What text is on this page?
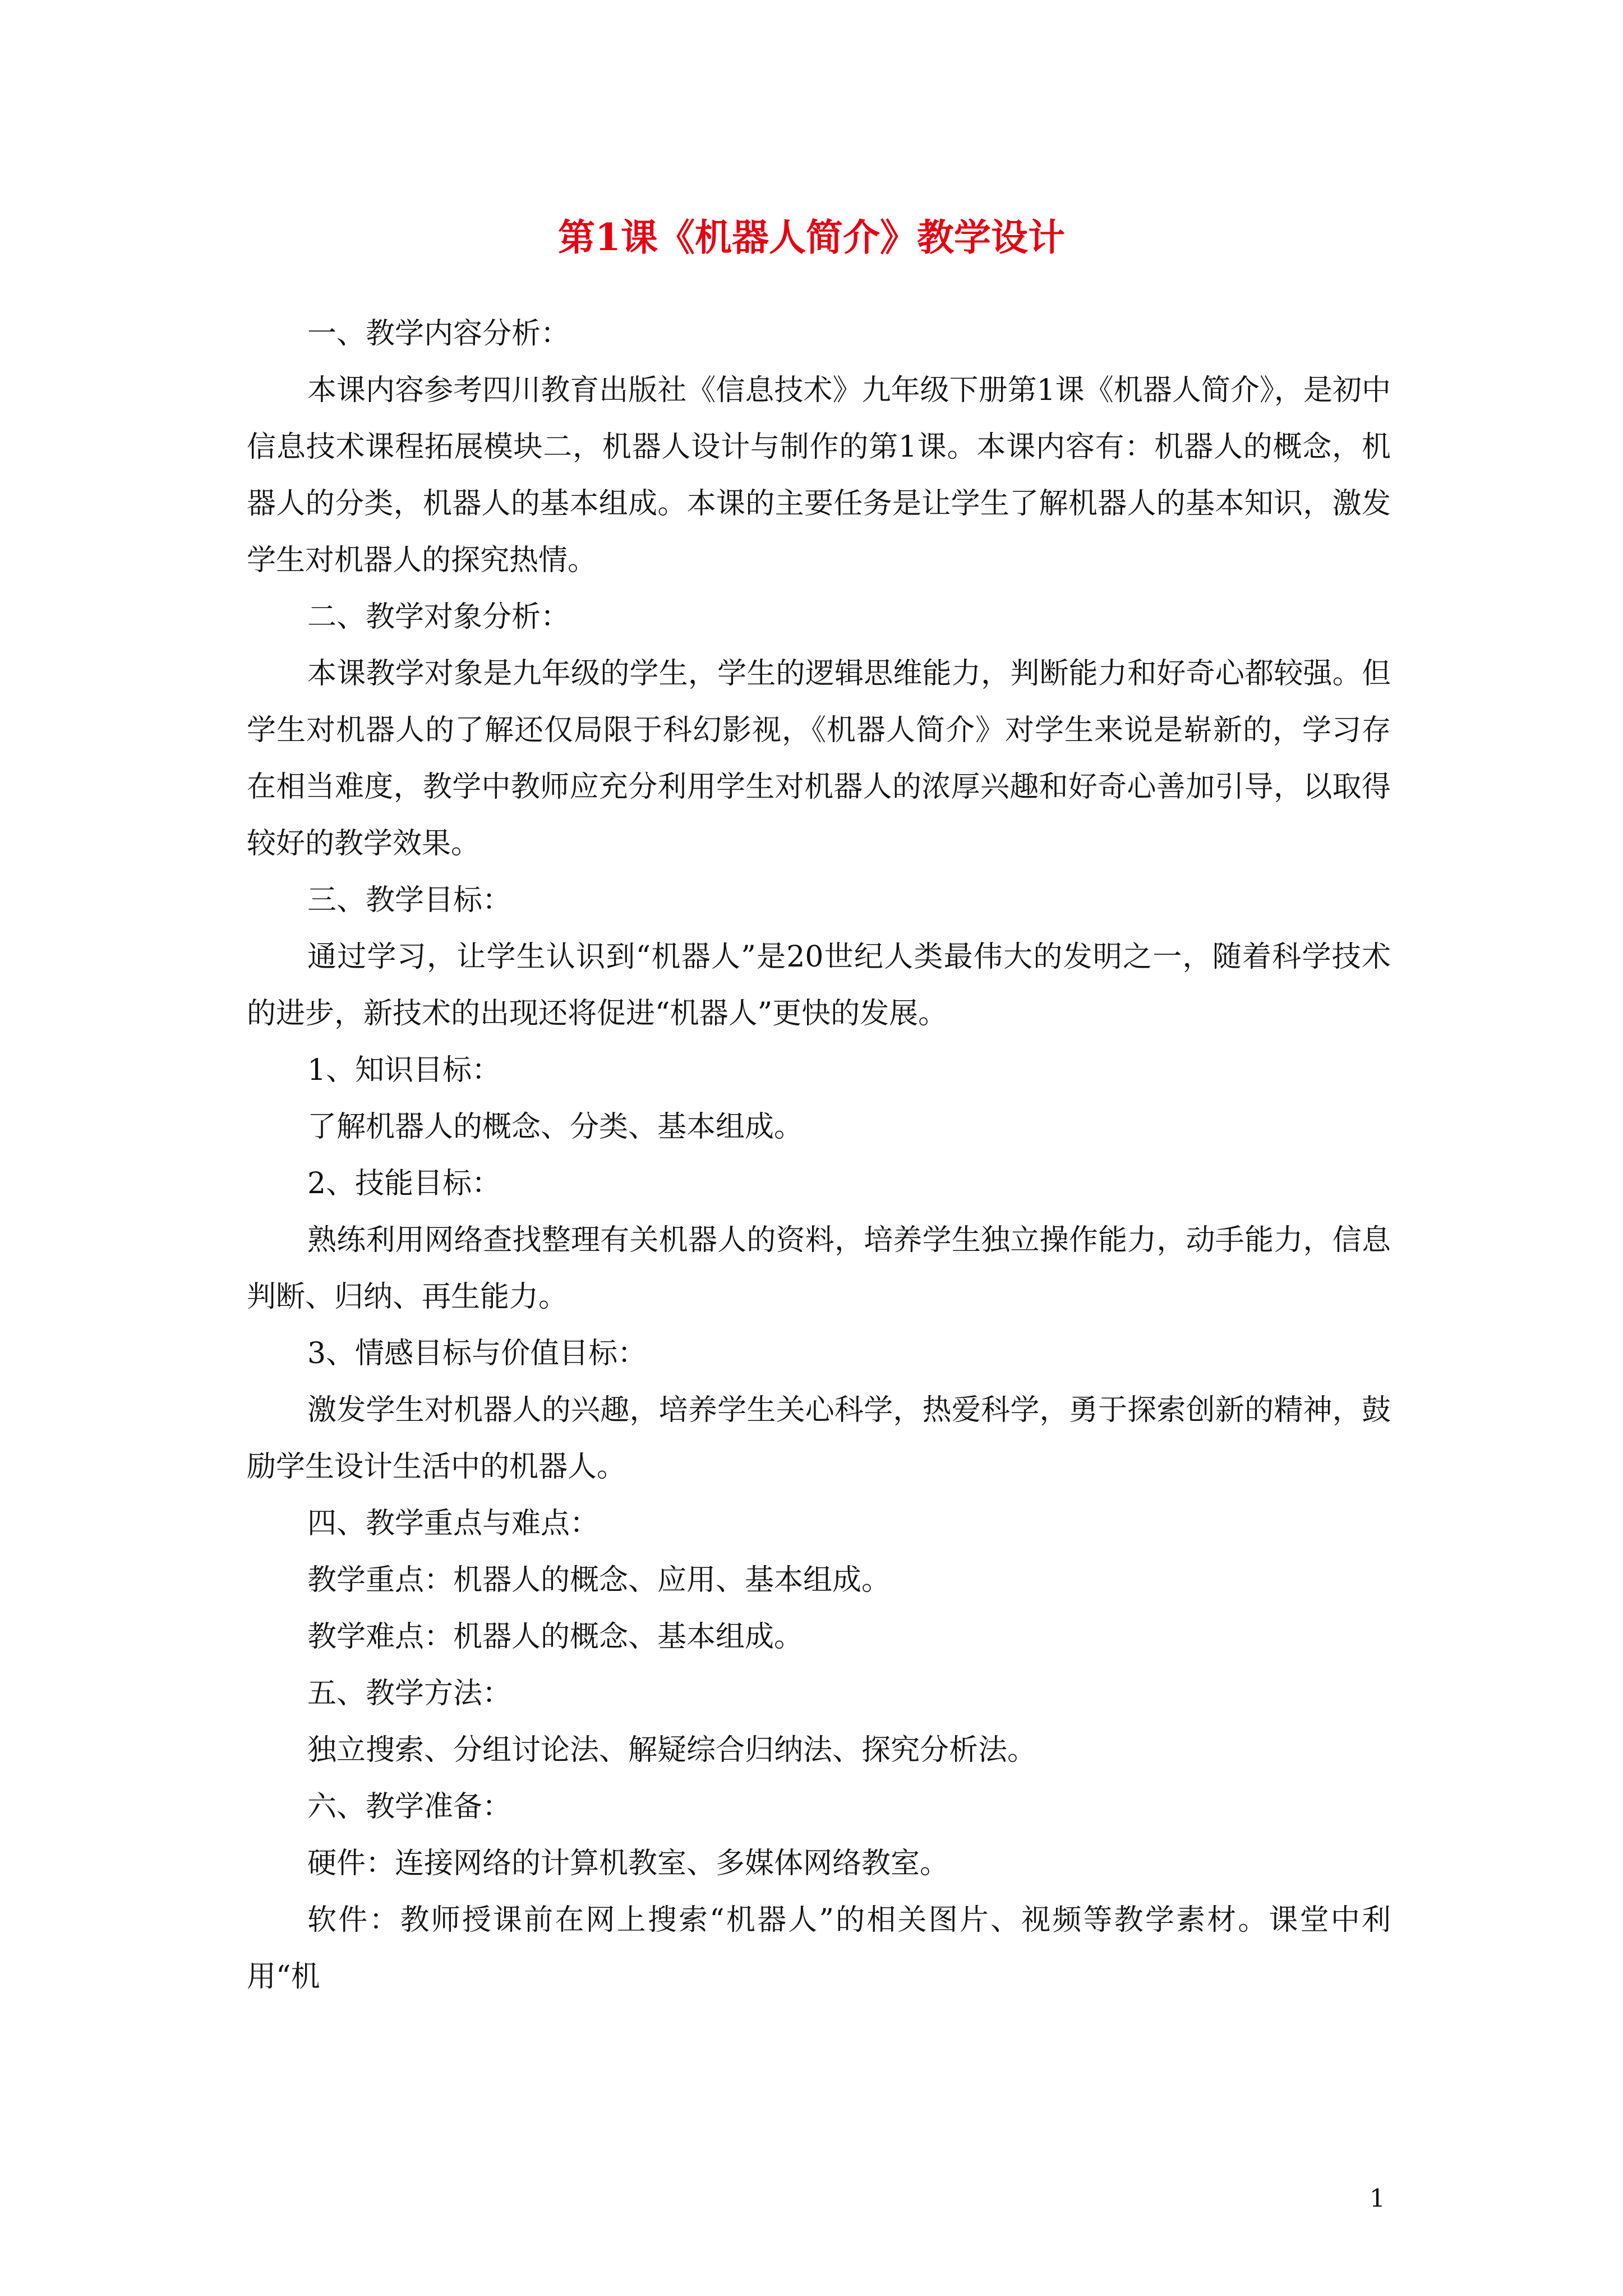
第1课《机器人简介》教学设计

一、教学内容分析：

本课内容参考四川教育出版社《信息技术》九年级下册第1课《机器人简介》，是初中信息技术课程拓展模块二，机器人设计与制作的第1课。本课内容有：机器人的概念，机器人的分类，机器人的基本组成。本课的主要任务是让学生了解机器人的基本知识，激发学生对机器人的探究热情。

二、教学对象分析：

本课教学对象是九年级的学生，学生的逻辑思维能力，判断能力和好奇心都较强。但学生对机器人的了解还仅局限于科幻影视，《机器人简介》对学生来说是崭新的，学习存在相当难度，教学中教师应充分利用学生对机器人的浓厚兴趣和好奇心善加引导，以取得较好的教学效果。

三、教学目标：

通过学习，让学生认识到“机器人”是20世纪人类最伟大的发明之一，随着科学技术的进步，新技术的出现还将促进“机器人”更快的发展。

1、知识目标：

了解机器人的概念、分类、基本组成。

2、技能目标：

熟练利用网络查找整理有关机器人的资料，培养学生独立操作能力，动手能力，信息判断、归纳、再生能力。

3、情感目标与价值目标：

激发学生对机器人的兴趣，培养学生关心科学，热爱科学，勇于探索创新的精神，鼓励学生设计生活中的机器人。

四、教学重点与难点：

教学重点：机器人的概念、应用、基本组成。

教学难点：机器人的概念、基本组成。

五、教学方法：

独立搜索、分组讨论法、解疑综合归纳法、探究分析法。

六、教学准备：

硬件：连接网络的计算机教室、多媒体网络教室。

软件：教师授课前在网上搜索“机器人”的相关图片、视频等教学素材。课堂中利用“机

1
